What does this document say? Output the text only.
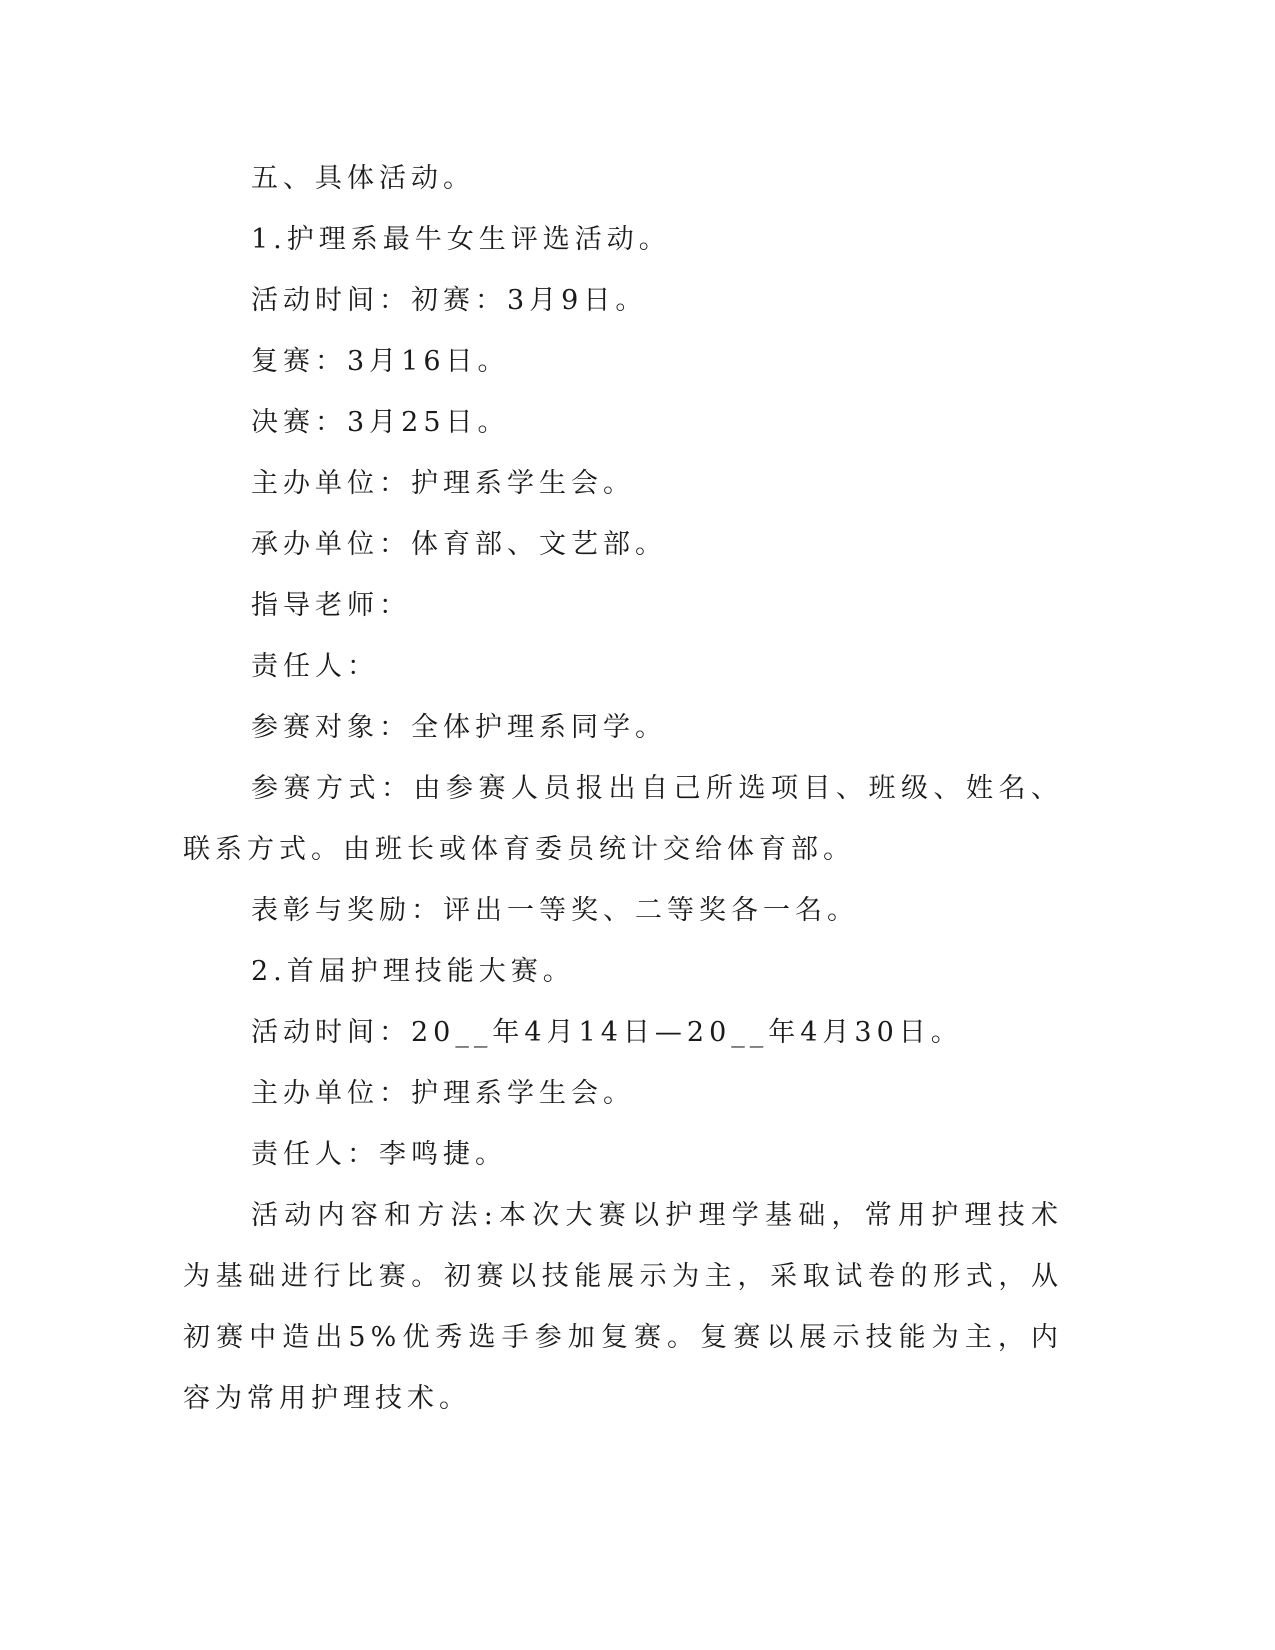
五、具体活动。

1.护理系最牛女生评选活动。

活动时间：初赛：3月9日。

复赛：3月16日。

决赛：3月25日。

主办单位：护理系学生会。

承办单位：体育部、文艺部。

指导老师：

责任人：

参赛对象：全体护理系同学。

参赛方式：由参赛人员报出自己所选项目、班级、姓名、联系方式。由班长或体育委员统计交给体育部。

表彰与奖励：评出一等奖、二等奖各一名。

2.首届护理技能大赛。

活动时间：20__年4月14日—20__年4月30日。

主办单位：护理系学生会。

责任人：李鸣捷。

活动内容和方法:本次大赛以护理学基础，常用护理技术为基础进行比赛。初赛以技能展示为主，采取试卷的形式，从初赛中造出5%优秀选手参加复赛。复赛以展示技能为主，内容为常用护理技术。
